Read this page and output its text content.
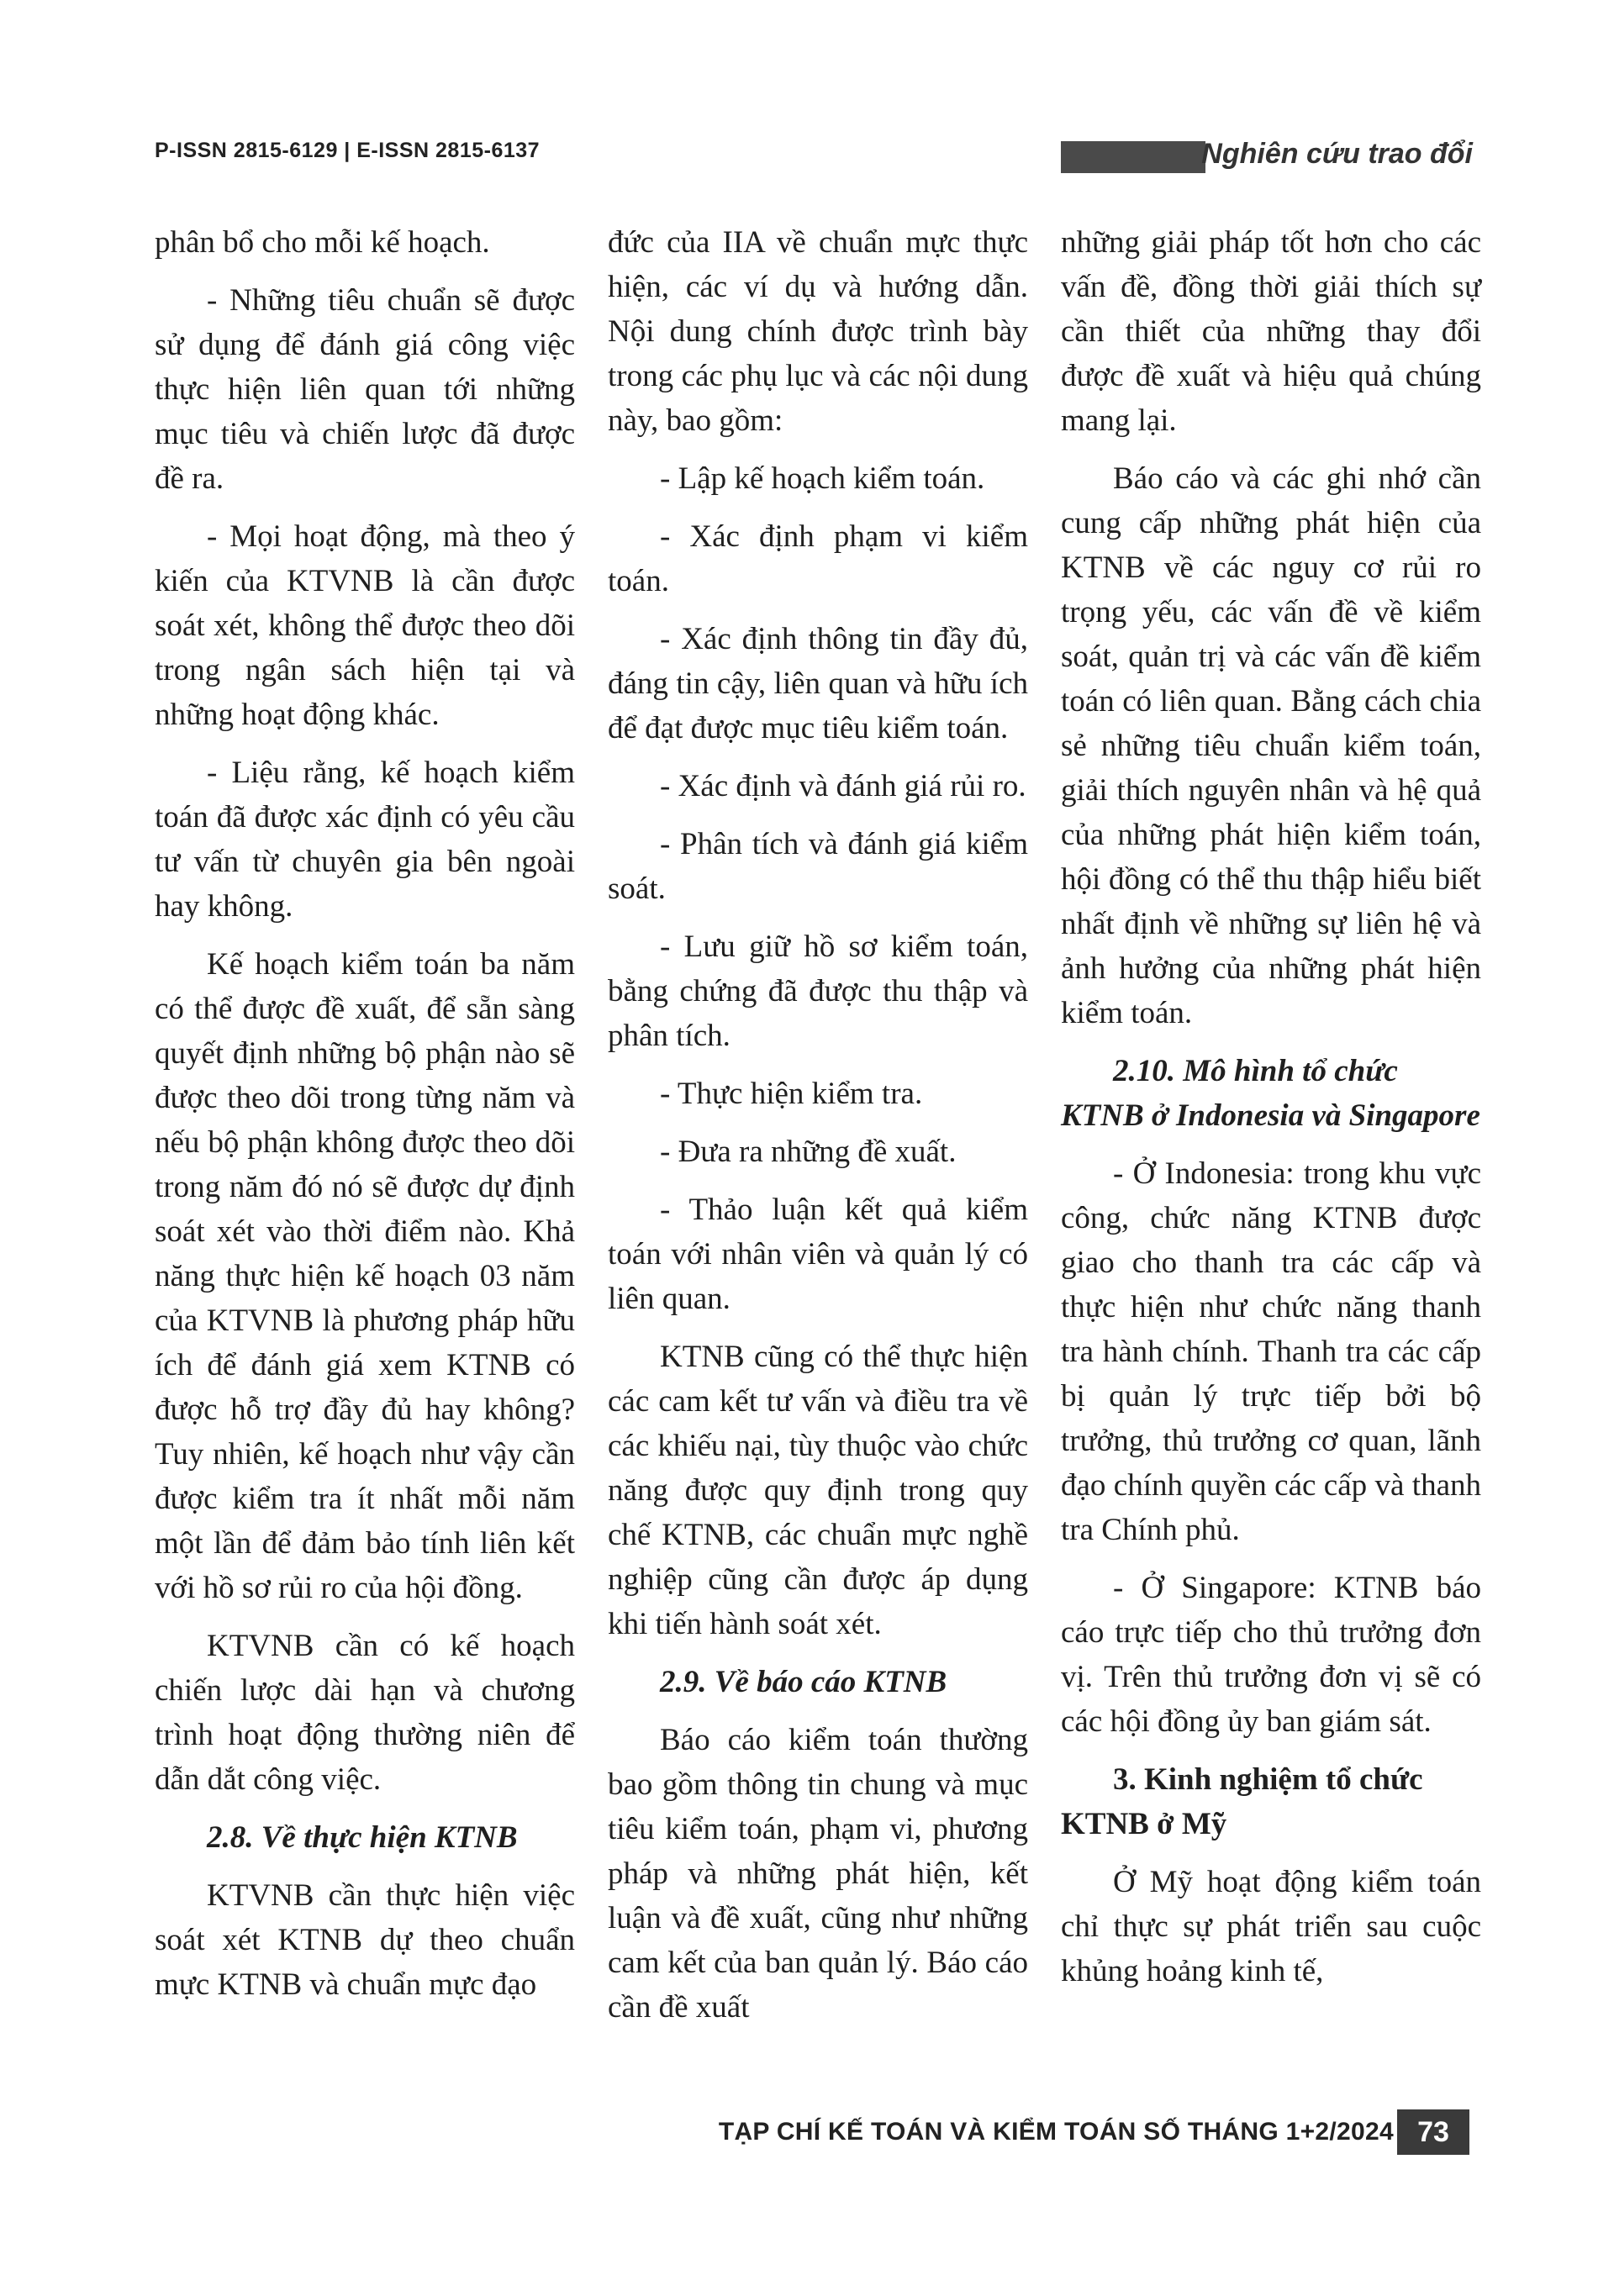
P-ISSN 2815-6129 | E-ISSN 2815-6137	Nghiên cứu trao đổi

phân bổ cho mỗi kế hoạch.

- Những tiêu chuẩn sẽ được sử dụng để đánh giá công việc thực hiện liên quan tới những mục tiêu và chiến lược đã được đề ra.

- Mọi hoạt động, mà theo ý kiến của KTVNB là cần được soát xét, không thể được theo dõi trong ngân sách hiện tại và những hoạt động khác.

- Liệu rằng, kế hoạch kiểm toán đã được xác định có yêu cầu tư vấn từ chuyên gia bên ngoài hay không.

Kế hoạch kiểm toán ba năm có thể được đề xuất, để sẵn sàng quyết định những bộ phận nào sẽ được theo dõi trong từng năm và nếu bộ phận không được theo dõi trong năm đó nó sẽ được dự định soát xét vào thời điểm nào. Khả năng thực hiện kế hoạch 03 năm của KTVNB là phương pháp hữu ích để đánh giá xem KTNB có được hỗ trợ đầy đủ hay không? Tuy nhiên, kế hoạch như vậy cần được kiểm tra ít nhất mỗi năm một lần để đảm bảo tính liên kết với hồ sơ rủi ro của hội đồng.

KTVNB cần có kế hoạch chiến lược dài hạn và chương trình hoạt động thường niên để dẫn dắt công việc.

2.8. Về thực hiện KTNB

KTVNB cần thực hiện việc soát xét KTNB dự theo chuẩn mực KTNB và chuẩn mực đạo

đức của IIA về chuẩn mực thực hiện, các ví dụ và hướng dẫn. Nội dung chính được trình bày trong các phụ lục và các nội dung này, bao gồm:

- Lập kế hoạch kiểm toán.

- Xác định phạm vi kiểm toán.

- Xác định thông tin đầy đủ, đáng tin cậy, liên quan và hữu ích để đạt được mục tiêu kiểm toán.

- Xác định và đánh giá rủi ro.

- Phân tích và đánh giá kiểm soát.

- Lưu giữ hồ sơ kiểm toán, bằng chứng đã được thu thập và phân tích.

- Thực hiện kiểm tra.

- Đưa ra những đề xuất.

- Thảo luận kết quả kiểm toán với nhân viên và quản lý có liên quan.

KTNB cũng có thể thực hiện các cam kết tư vấn và điều tra về các khiếu nại, tùy thuộc vào chức năng được quy định trong quy chế KTNB, các chuẩn mực nghề nghiệp cũng cần được áp dụng khi tiến hành soát xét.

2.9. Về báo cáo KTNB

Báo cáo kiểm toán thường bao gồm thông tin chung và mục tiêu kiểm toán, phạm vi, phương pháp và những phát hiện, kết luận và đề xuất, cũng như những cam kết của ban quản lý. Báo cáo cần đề xuất

những giải pháp tốt hơn cho các vấn đề, đồng thời giải thích sự cần thiết của những thay đổi được đề xuất và hiệu quả chúng mang lại.

Báo cáo và các ghi nhớ cần cung cấp những phát hiện của KTNB về các nguy cơ rủi ro trọng yếu, các vấn đề về kiểm soát, quản trị và các vấn đề kiểm toán có liên quan. Bằng cách chia sẻ những tiêu chuẩn kiểm toán, giải thích nguyên nhân và hệ quả của những phát hiện kiểm toán, hội đồng có thể thu thập hiểu biết nhất định về những sự liên hệ và ảnh hưởng của những phát hiện kiểm toán.

2.10. Mô hình tổ chức KTNB ở Indonesia và Singapore

- Ở Indonesia: trong khu vực công, chức năng KTNB được giao cho thanh tra các cấp và thực hiện như chức năng thanh tra hành chính. Thanh tra các cấp bị quản lý trực tiếp bởi bộ trưởng, thủ trưởng cơ quan, lãnh đạo chính quyền các cấp và thanh tra Chính phủ.

- Ở Singapore: KTNB báo cáo trực tiếp cho thủ trưởng đơn vị. Trên thủ trưởng đơn vị sẽ có các hội đồng ủy ban giám sát.

3. Kinh nghiệm tổ chức KTNB ở Mỹ

Ở Mỹ hoạt động kiểm toán chỉ thực sự phát triển sau cuộc khủng hoảng kinh tế,

TẠP CHÍ KẾ TOÁN VÀ KIỂM TOÁN SỐ THÁNG 1+2/2024 73
